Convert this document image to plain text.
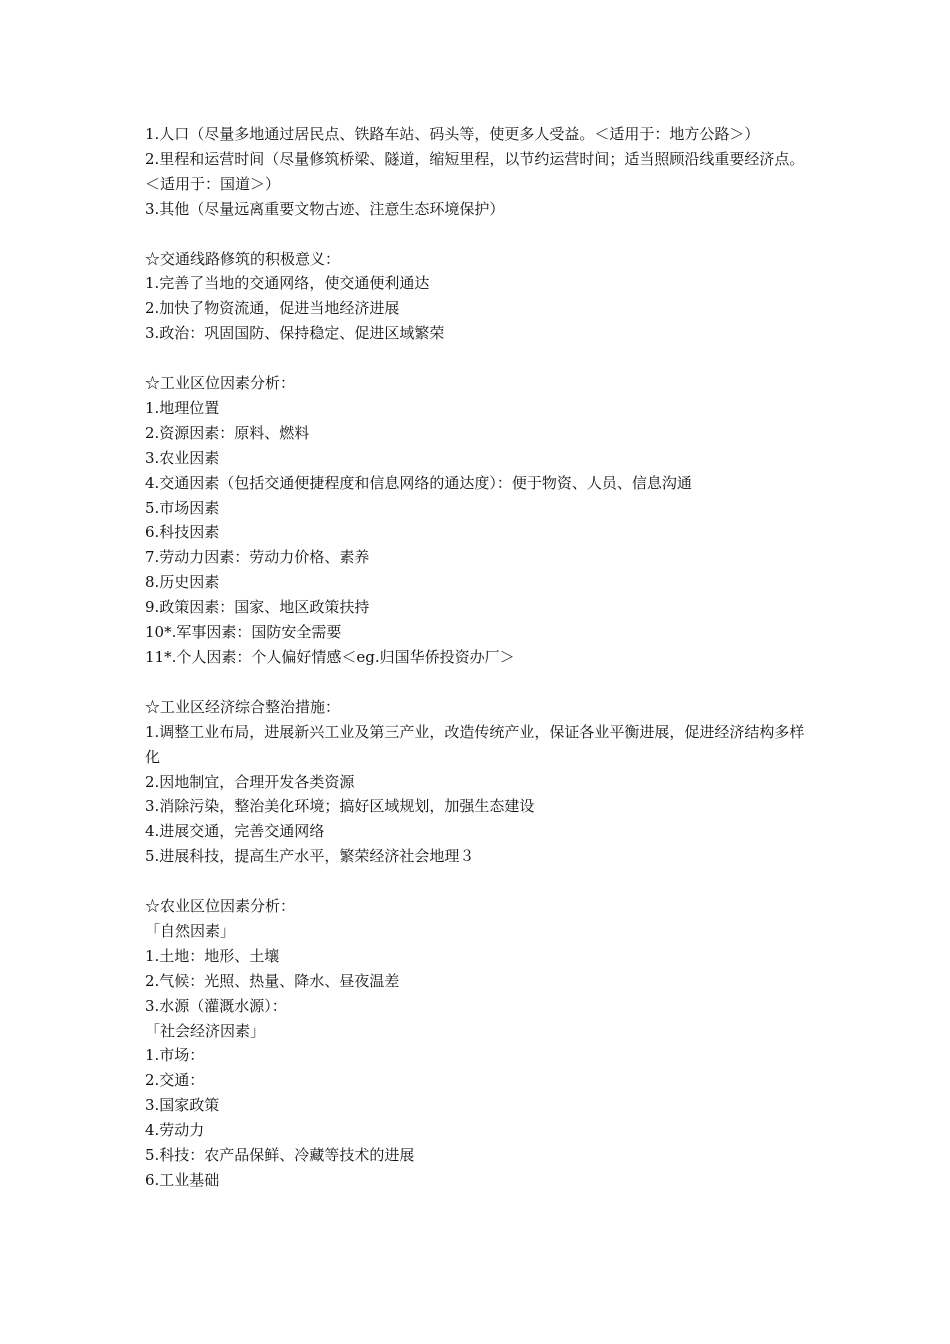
1.人口（尽量多地通过居民点、铁路车站、码头等，使更多人受益。＜适用于：地方公路＞）
2.里程和运营时间（尽量修筑桥梁、隧道，缩短里程，以节约运营时间；适当照顾沿线重要经济点。＜适用于：国道＞）
3.其他（尽量远离重要文物古迹、注意生态环境保护）
☆交通线路修筑的积极意义：
1.完善了当地的交通网络，使交通便利通达
2.加快了物资流通，促进当地经济进展
3.政治：巩固国防、保持稳定、促进区域繁荣
☆工业区位因素分析：
1.地理位置
2.资源因素：原料、燃料
3.农业因素
4.交通因素（包括交通便捷程度和信息网络的通达度）：便于物资、人员、信息沟通
5.市场因素
6.科技因素
7.劳动力因素：劳动力价格、素养
8.历史因素
9.政策因素：国家、地区政策扶持
10*.军事因素：国防安全需要
11*.个人因素：个人偏好情感＜eg.归国华侨投资办厂＞
☆工业区经济综合整治措施：
1.调整工业布局，进展新兴工业及第三产业，改造传统产业，保证各业平衡进展，促进经济结构多样化
2.因地制宜，合理开发各类资源
3.消除污染，整治美化环境；搞好区域规划，加强生态建设
4.进展交通，完善交通网络
5.进展科技，提高生产水平，繁荣经济社会地理３
☆农业区位因素分析：
「自然因素」
1.土地：地形、土壤
2.气候：光照、热量、降水、昼夜温差
3.水源（灌溉水源）：
「社会经济因素」
1.市场：
2.交通：
3.国家政策
4.劳动力
5.科技：农产品保鲜、冷藏等技术的进展
6.工业基础
